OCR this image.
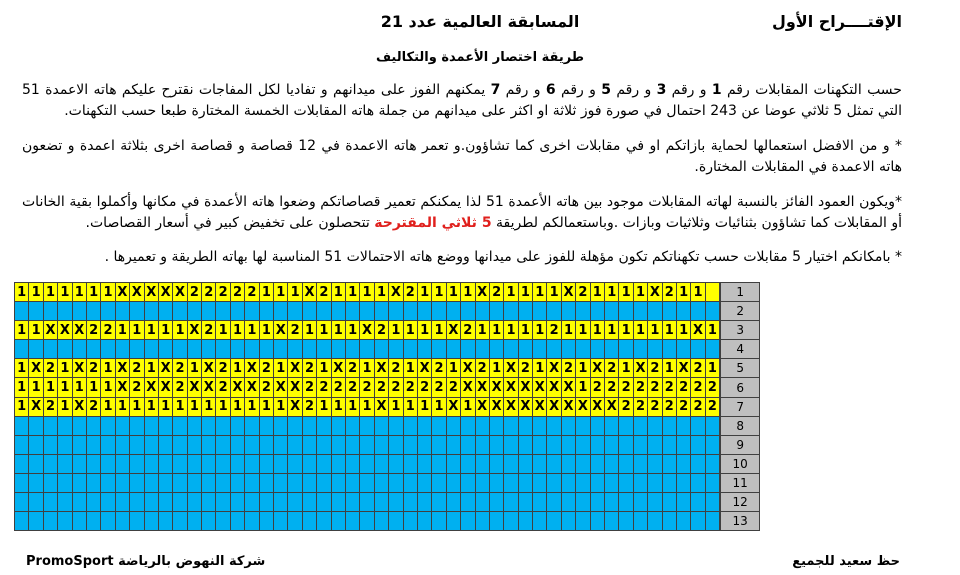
الإقتــــراح الأول
المسابقة العالمية عدد 21
طريقة اختصار الأعمدة والتكاليف
حسب التكهنات المقابلات رقم 1 و رقم 3 و رقم 5 و رقم 6 و رقم 7 يمكنهم الفوز على ميدانهم و تفاديا لكل المفاجات نقترح عليكم هاته الاعمدة 51 التي تمثل 5 ثلاثي عوضا عن 243 احتمال في صورة فوز ثلاثة او اكثر على ميدانهم من جملة هاته المقابلات الخمسة المختارة طبعا حسب التكهنات.
* و من الافضل استعمالها لحماية بازاتكم او في مقابلات اخرى كما تشاؤون.و تعمر هاته الاعمدة في 12 قصاصة و قصاصة اخرى بثلاثة اعمدة و تضعون هاته الاعمدة في المقابلات المختارة.
*ويكون العمود الفائز بالنسبة لهاته المقابلات موجود بين هاته الأعمدة 51 لذا يمكنكم تعمير قصاصاتكم وضعوا هاته الأعمدة في مكانها وأكملوا بقية الخانات أو المقابلات كما تشاؤون بثنائيات وثلاثيات وبازات .وباستعمالكم لطريقة 5 ثلاثي المقترحة تتحصلون على تخفيض كبير في أسعار القصاصات.
* بامكانكم اختيار 5 مقابلات حسب تكهناتكم تكون مؤهلة للفوز على ميدانها ووضع هاته الاحتمالات 51 المناسبة لها بهاته الطريقة و تعميرها .
1	1	1	1	1	1	1	X	X	X	X	X	2	2	2	2	2	1	1	1	X	2	1	1	1	1	X	2	1	1	1	1	X	2	1	1	1	1	X	2	1	1	1	1	X	2	1	1		1
																																																	2
1	1	X	X	X	2	2	1	1	1	1	1	X	2	1	1	1	1	X	2	1	1	1	1	X	2	1	1	1	1	X	2	1	1	1	1	1	2	1	1	1	1	1	1	1	1	1	X	1	3
																																																	4
1	X	2	1	X	2	1	X	2	1	X	2	1	X	2	1	X	2	1	X	2	1	X	2	1	X	2	1	X	2	1	X	2	1	X	2	1	X	2	1	X	2	1	X	2	1	X	2	1	5
1	1	1	1	1	1	1	X	2	X	X	2	X	X	2	X	X	2	X	X	2	2	2	2	2	2	2	2	2	2	2	X	X	X	X	X	X	X	X	1	2	2	2	2	2	2	2	2	2	6
1	X	2	1	X	2	1	1	1	1	1	1	1	1	1	1	1	1	1	X	2	1	1	1	1	X	1	1	1	1	X	1	X	X	X	X	X	X	X	X	X	X	2	2	2	2	2	2	2	7
																																																	8
																																																	9
																																																	10
																																																	11
																																																	12
																																																	13
حظ سعيد للجميع
PromoSport شركة النهوض بالرياضة
